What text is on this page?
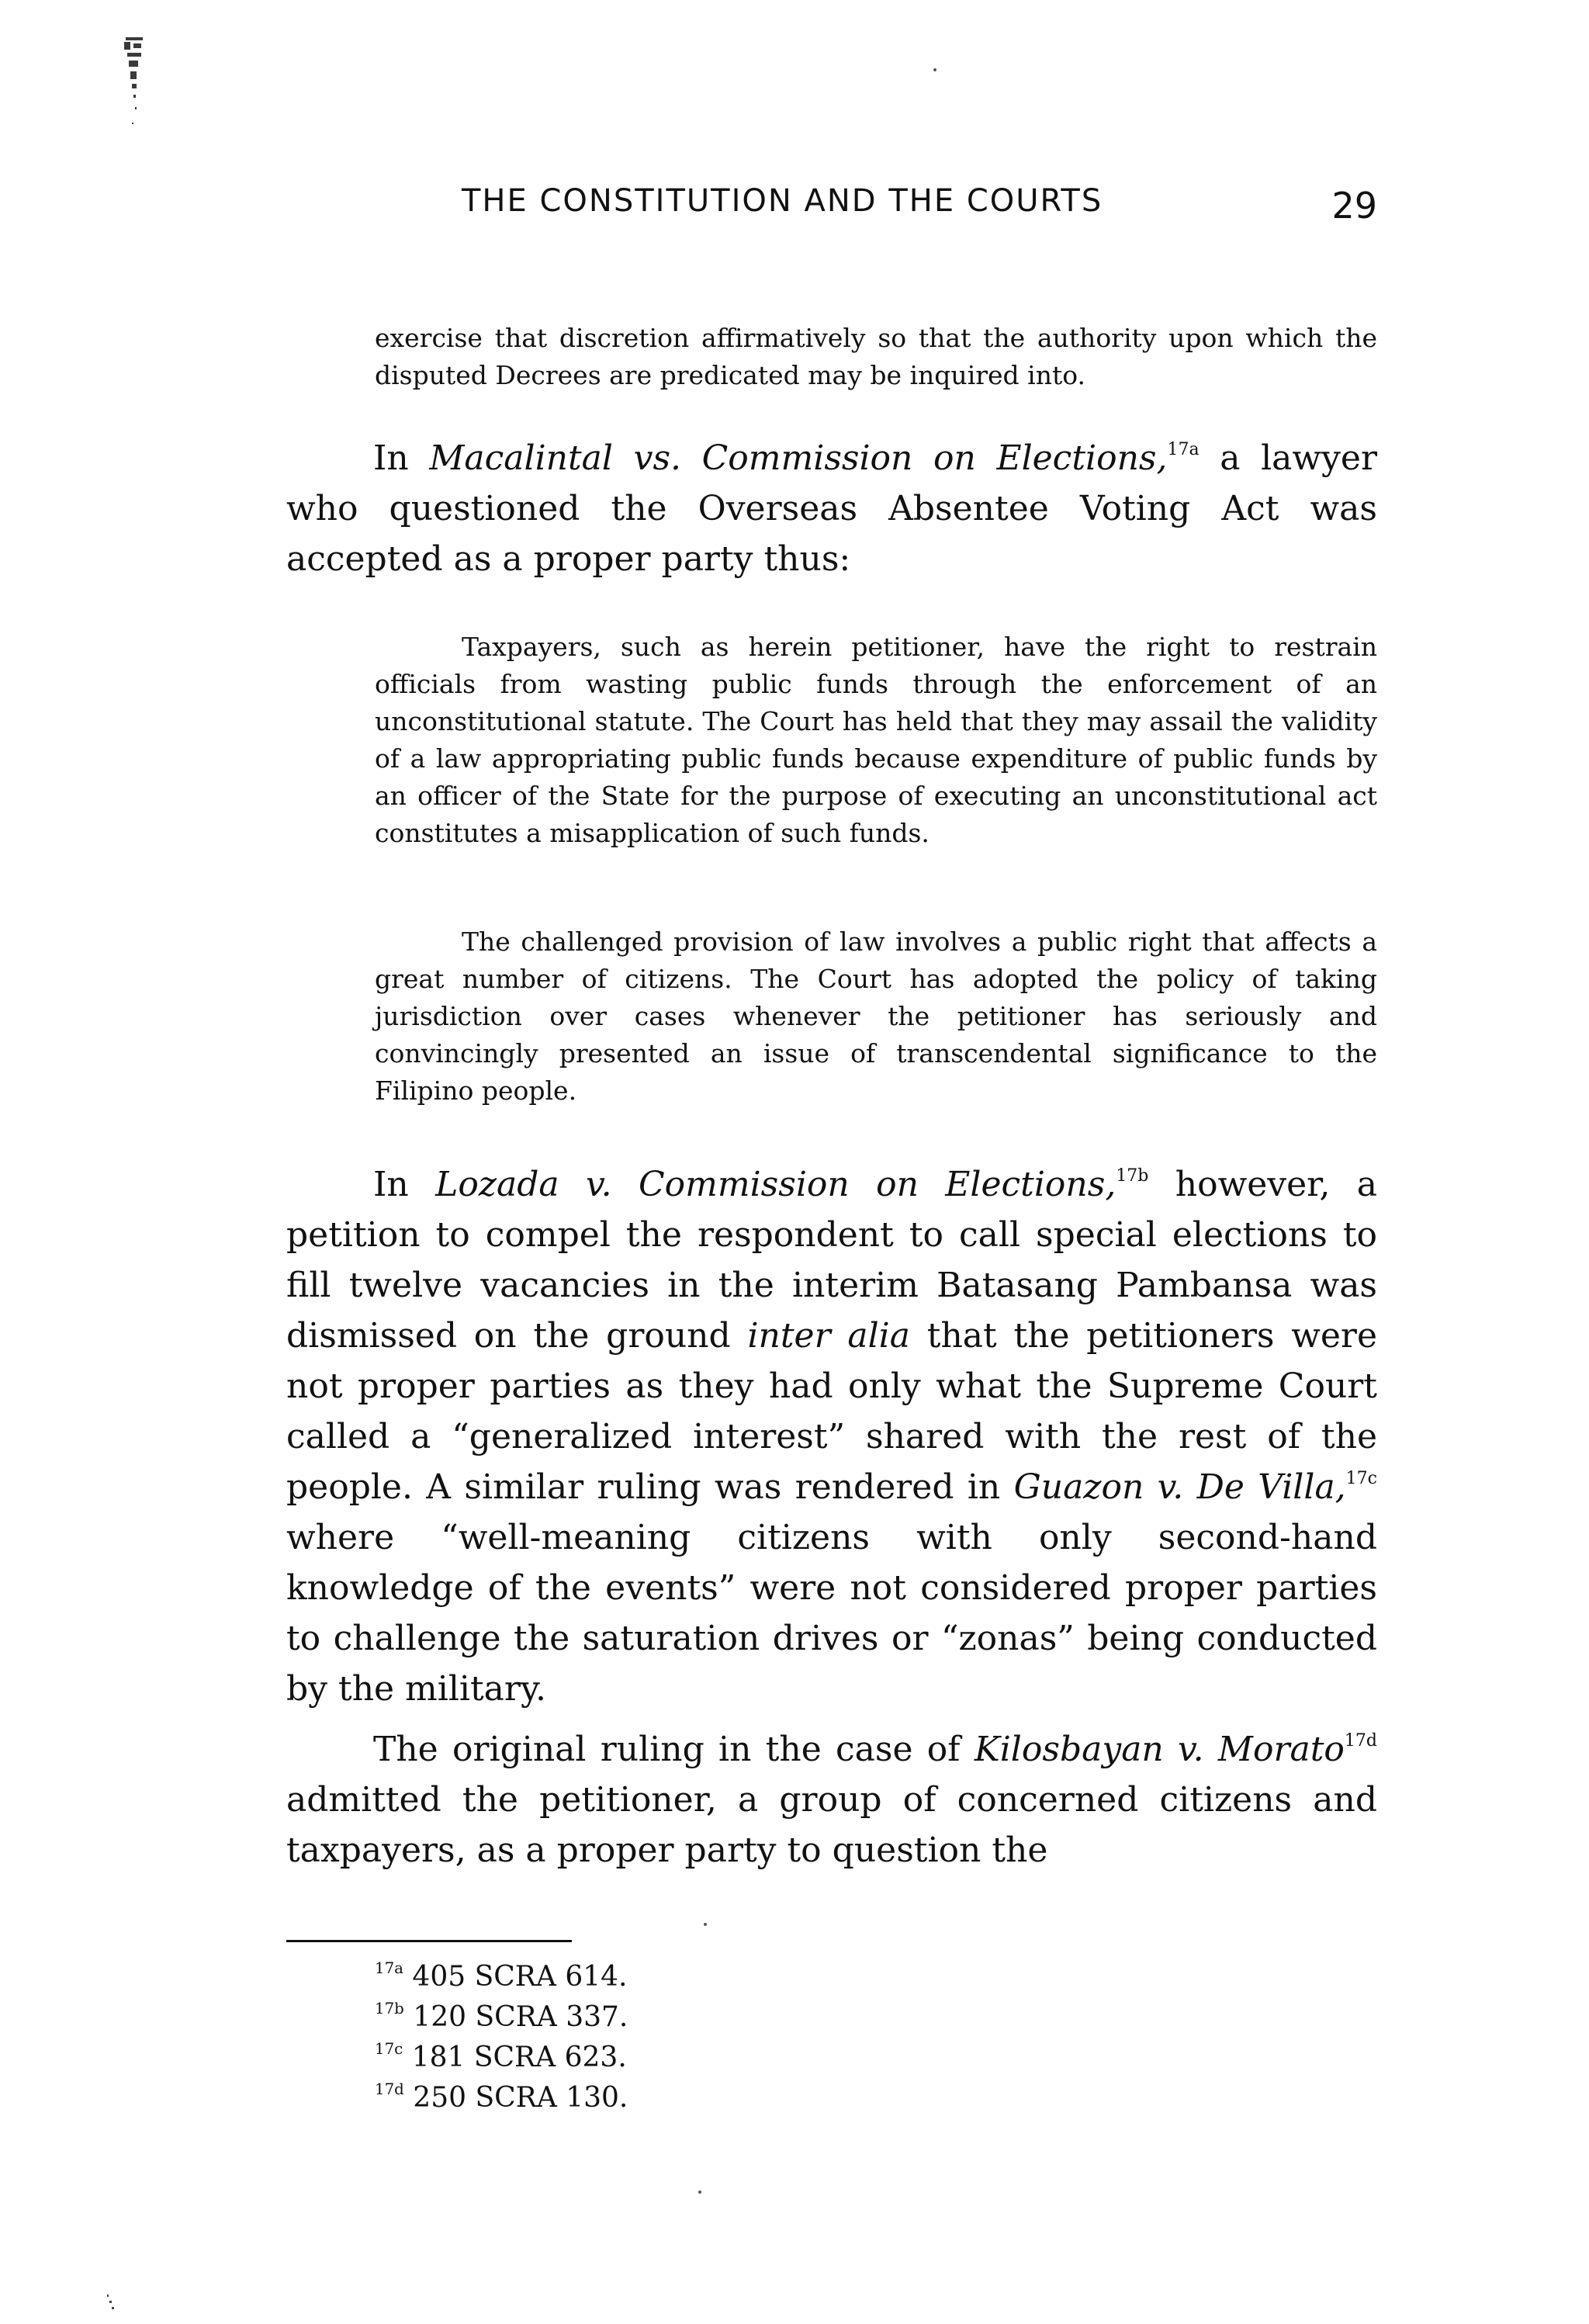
THE CONSTITUTION AND THE COURTS	29
exercise that discretion affirmatively so that the authority upon which the disputed Decrees are predicated may be inquired into.
In Macalintal vs. Commission on Elections,$^{17a}$ a lawyer who questioned the Overseas Absentee Voting Act was accepted as a proper party thus:
Taxpayers, such as herein petitioner, have the right to restrain officials from wasting public funds through the enforcement of an unconstitutional statute. The Court has held that they may assail the validity of a law appropriating public funds because expenditure of public funds by an officer of the State for the purpose of executing an unconstitutional act constitutes a misapplication of such funds.
The challenged provision of law involves a public right that affects a great number of citizens. The Court has adopted the policy of taking jurisdiction over cases whenever the petitioner has seriously and convincingly presented an issue of transcendental significance to the Filipino people.
In Lozada v. Commission on Elections,$^{17b}$ however, a petition to compel the respondent to call special elections to fill twelve vacancies in the interim Batasang Pambansa was dismissed on the ground inter alia that the petitioners were not proper parties as they had only what the Supreme Court called a “generalized interest” shared with the rest of the people. A similar ruling was rendered in Guazon v. De Villa,$^{17c}$ where “well-meaning citizens with only second-hand knowledge of the events” were not considered proper parties to challenge the saturation drives or “zonas” being conducted by the military.
The original ruling in the case of Kilosbayan v. Morato$^{17d}$ admitted the petitioner, a group of concerned citizens and taxpayers, as a proper party to question the
$^{17a}$ 405 SCRA 614.
$^{17b}$ 120 SCRA 337.
$^{17c}$ 181 SCRA 623.
$^{17d}$ 250 SCRA 130.
